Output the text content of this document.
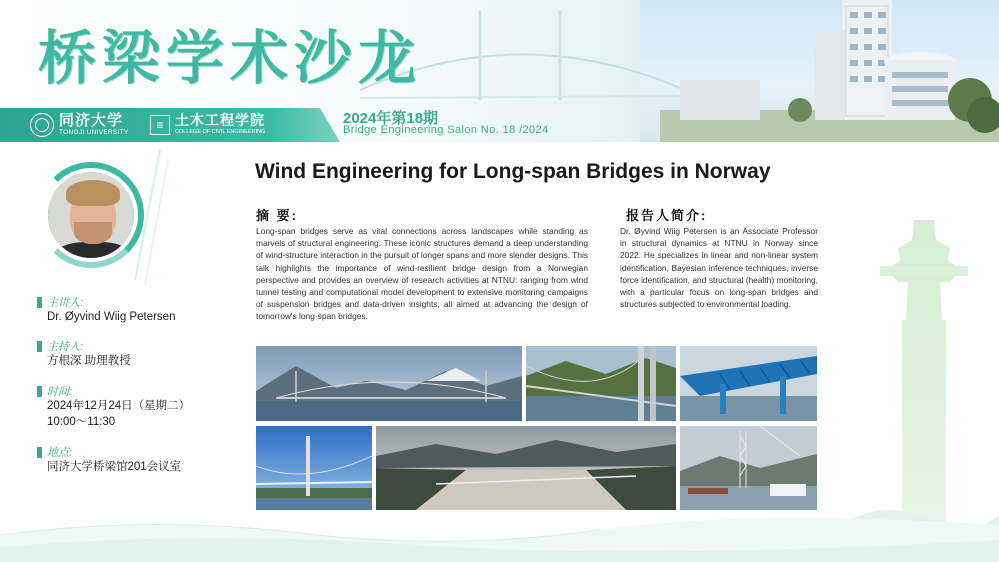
桥梁学术沙龙
同济大学
TONGJI UNIVERSITY
≡ 土木工程学院
COLLEGE OF CIVIL ENGINEERING
2024年第18期
Bridge Engineering Salon No. 18 /2024
主讲人:
Dr. Øyvind Wiig Petersen
主持人:
方根深 助理教授
时间:
2024年12月24日（星期二）
10:00～11:30
地点:
同济大学桥梁馆201会议室
Wind Engineering for Long-span Bridges in Norway
摘 要:
Long-span bridges serve as vital connections across landscapes while standing as marvels of structural engineering. These iconic structures demand a deep understanding of wind-structure interaction in the pursuit of longer spans and more slender designs. This talk highlights the importance of wind-resilient bridge design from a Norwegian perspective and provides an overview of research activities at NTNU: ranging from wind tunnel testing and computational model development to extensive monitoring campaigns of suspension bridges and data-driven insights, all aimed at advancing the design of tomorrow's long-span bridges.
报告人简介:
Dr. Øyvind Wiig Petersen is an Associate Professor in structural dynamics at NTNU in Norway since 2022. He specializes in linear and non-linear system identification, Bayesian inference techniques, inverse force identification, and structural (health) monitoring, with a particular focus on long-span bridges and structures subjected to environmental loading.
